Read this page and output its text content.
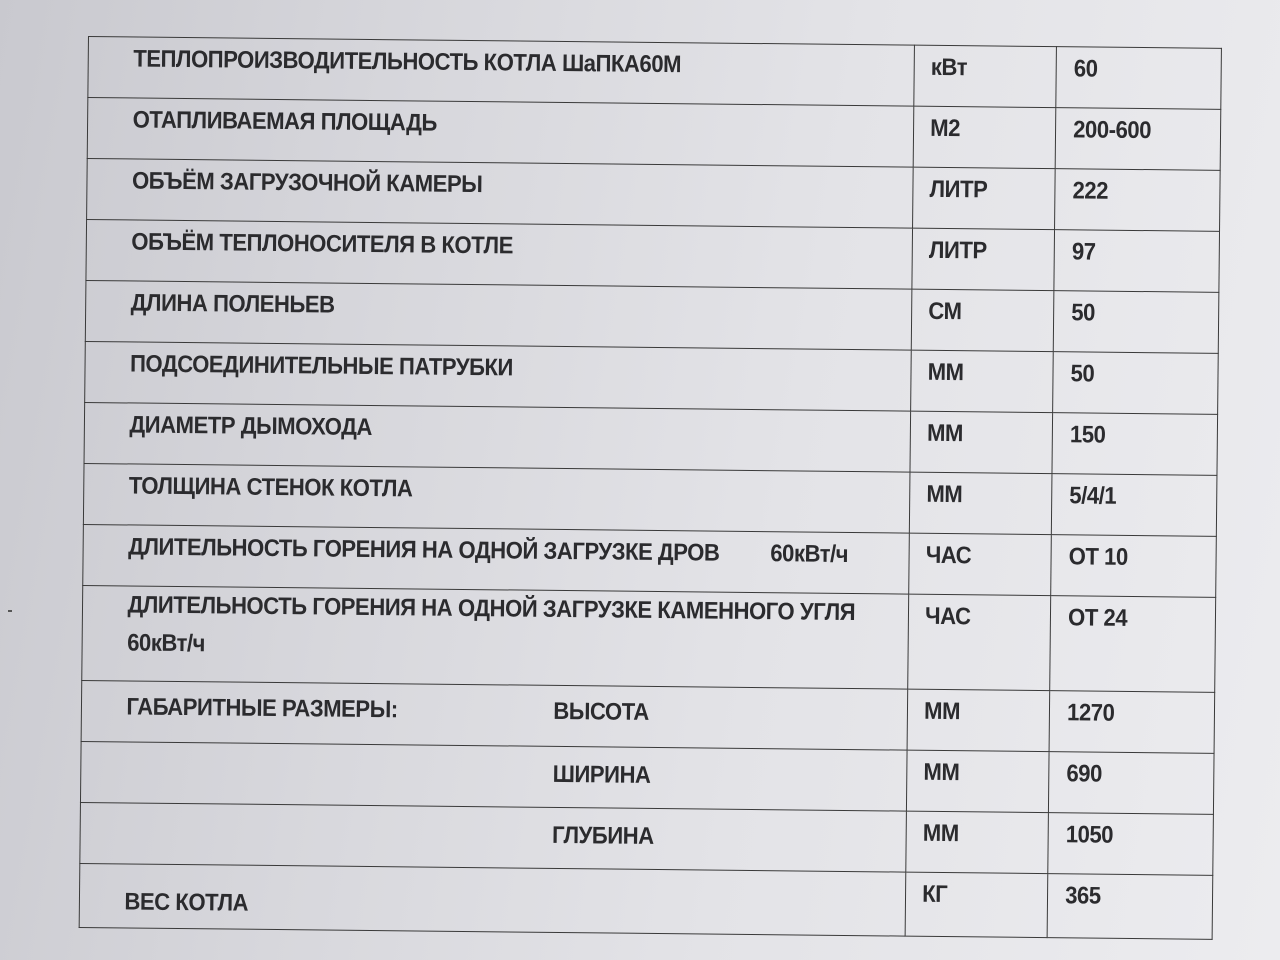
ТЕПЛОПРОИЗВОДИТЕЛЬНОСТЬ КОТЛА ШаПКА60М	кВт	60
ОТАПЛИВАЕМАЯ ПЛОЩАДЬ	М2	200-600
ОБЪЁМ ЗАГРУЗОЧНОЙ КАМЕРЫ	ЛИТР	222
ОБЪЁМ ТЕПЛОНОСИТЕЛЯ В КОТЛЕ	ЛИТР	97
ДЛИНА ПОЛЕНЬЕВ	СМ	50
ПОДСОЕДИНИТЕЛЬНЫЕ ПАТРУБКИ	ММ	50
ДИАМЕТР ДЫМОХОДА	ММ	150
ТОЛЩИНА СТЕНОК КОТЛА	ММ	5/4/1
ДЛИТЕЛЬНОСТЬ ГОРЕНИЯ НА ОДНОЙ ЗАГРУЗКЕ ДРОВ 60кВт/ч	ЧАС	ОТ 10
ДЛИТЕЛЬНОСТЬ ГОРЕНИЯ НА ОДНОЙ ЗАГРУЗКЕ КАМЕННОГО УГЛЯ 60кВт/ч	ЧАС	ОТ 24
ГАБАРИТНЫЕ РАЗМЕРЫ: ВЫСОТА	ММ	1270

ШИРИНА	ММ	690

ГЛУБИНА	ММ	1050
ВЕС КОТЛА	КГ	365
